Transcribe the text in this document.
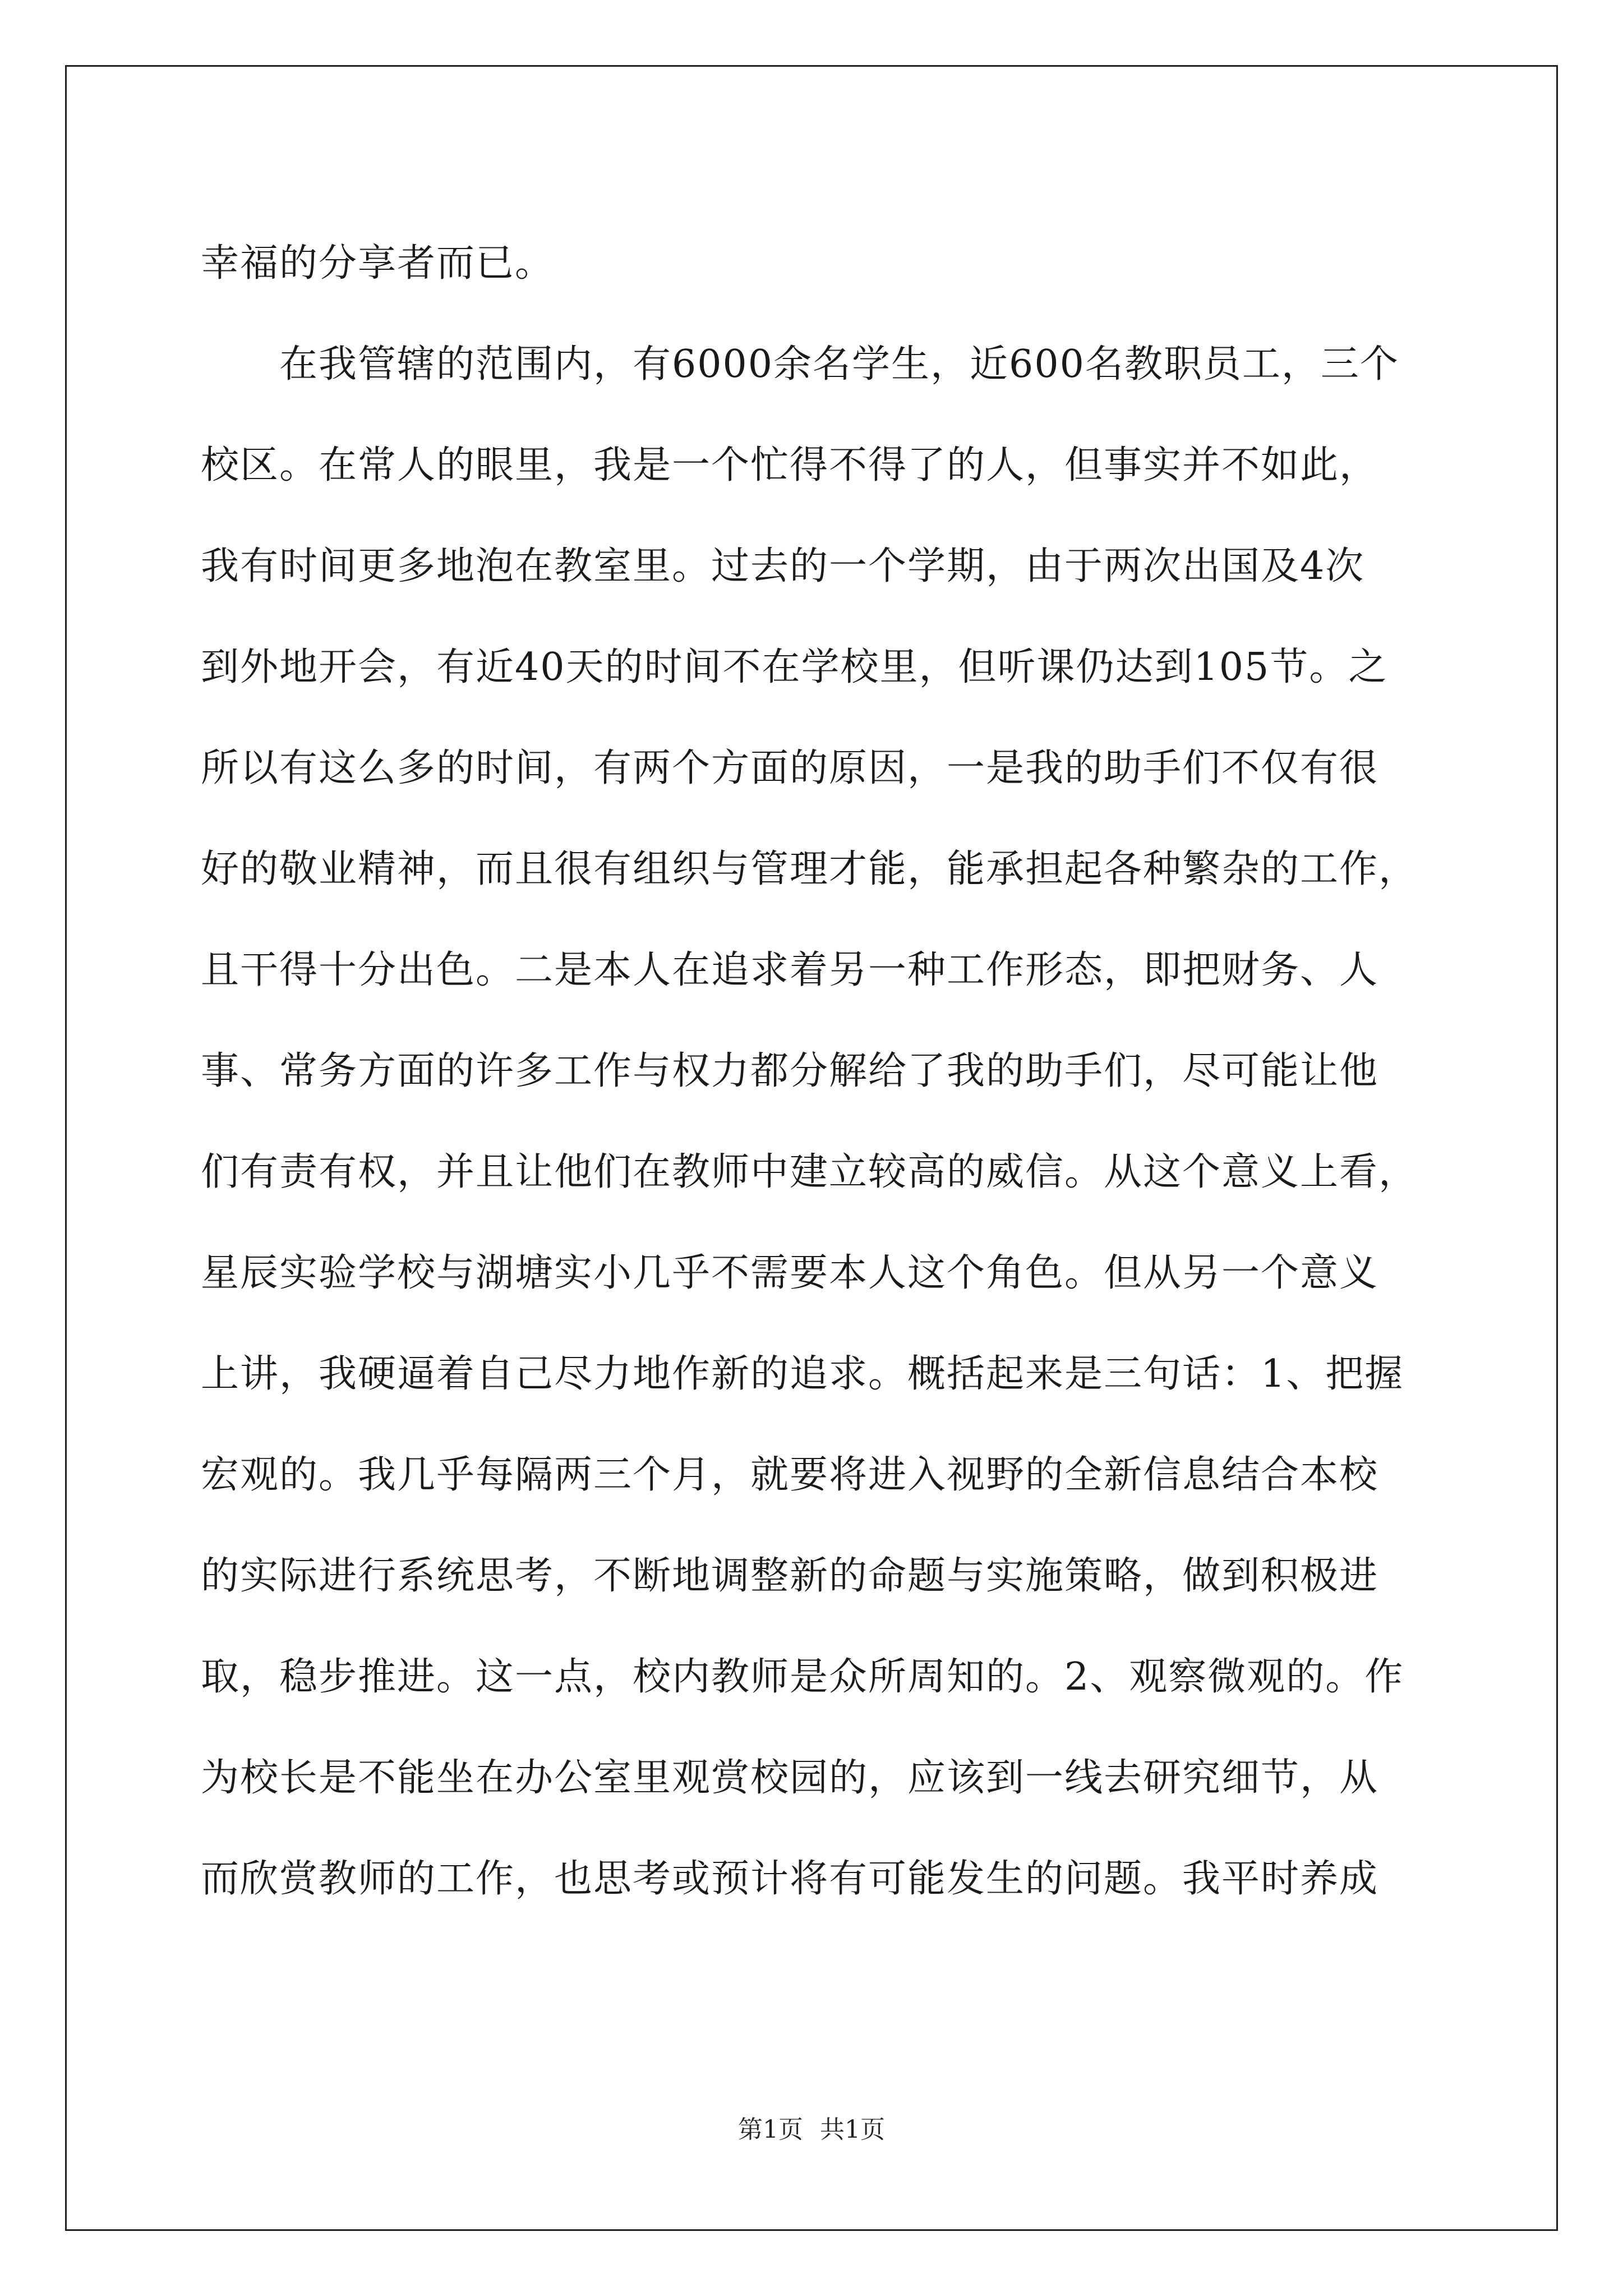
幸福的分享者而已。
　　在我管辖的范围内，有6000余名学生，近600名教职员工，三个
校区。在常人的眼里，我是一个忙得不得了的人，但事实并不如此，
我有时间更多地泡在教室里。过去的一个学期，由于两次出国及4次
到外地开会，有近40天的时间不在学校里，但听课仍达到105节。之
所以有这么多的时间，有两个方面的原因，一是我的助手们不仅有很
好的敬业精神，而且很有组织与管理才能，能承担起各种繁杂的工作，
且干得十分出色。二是本人在追求着另一种工作形态，即把财务、人
事、常务方面的许多工作与权力都分解给了我的助手们，尽可能让他
们有责有权，并且让他们在教师中建立较高的威信。从这个意义上看，
星辰实验学校与湖塘实小几乎不需要本人这个角色。但从另一个意义
上讲，我硬逼着自己尽力地作新的追求。概括起来是三句话：1、把握
宏观的。我几乎每隔两三个月，就要将进入视野的全新信息结合本校
的实际进行系统思考，不断地调整新的命题与实施策略，做到积极进
取，稳步推进。这一点，校内教师是众所周知的。2、观察微观的。作
为校长是不能坐在办公室里观赏校园的，应该到一线去研究细节，从
而欣赏教师的工作，也思考或预计将有可能发生的问题。我平时养成
第1页 共1页
